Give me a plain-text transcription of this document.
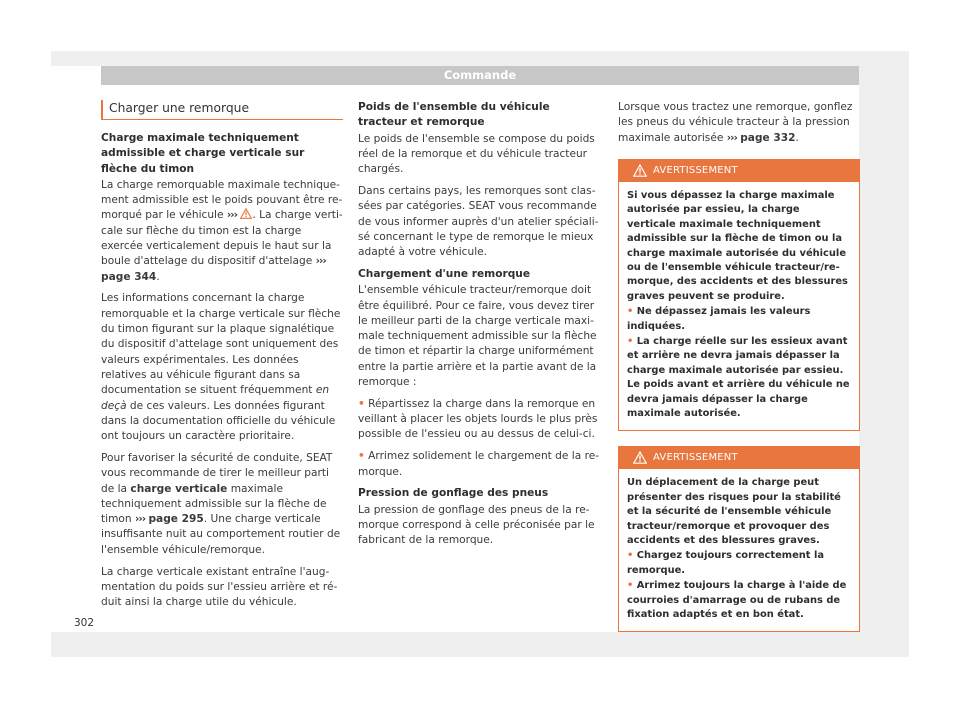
Commande
Charger une remorque

Charge maximale techniquement admissible et charge verticale sur flèche du timon

La charge remorquable maximale techniquement admissible est le poids pouvant être remorqué par le véhicule ››› . La charge verticale sur flèche du timon est la charge exercée verticalement depuis le haut sur la boule d'attelage du dispositif d'attelage ››› page 344.

Les informations concernant la charge remorquable et la charge verticale sur flèche du timon figurant sur la plaque signalétique du dispositif d'attelage sont uniquement des valeurs expérimentales. Les données relatives au véhicule figurant dans sa documentation se situent fréquemment en deçà de ces valeurs. Les données figurant dans la documentation officielle du véhicule ont toujours un caractère prioritaire.

Pour favoriser la sécurité de conduite, SEAT vous recommande de tirer le meilleur parti de la charge verticale maximale techniquement admissible sur la flèche de timon ››› page 295. Une charge verticale insuffisante nuit au comportement routier de l'ensemble véhicule/remorque.

La charge verticale existant entraîne l'augmentation du poids sur l'essieu arrière et réduit ainsi la charge utile du véhicule.

Poids de l'ensemble du véhicule tracteur et remorque

Le poids de l'ensemble se compose du poids réel de la remorque et du véhicule tracteur chargés.

Dans certains pays, les remorques sont classées par catégories. SEAT vous recommande de vous informer auprès d'un atelier spécialisé concernant le type de remorque le mieux adapté à votre véhicule.

Chargement d'une remorque

L'ensemble véhicule tracteur/remorque doit être équilibré. Pour ce faire, vous devez tirer le meilleur parti de la charge verticale maximale techniquement admissible sur la flèche de timon et répartir la charge uniformément entre la partie arrière et la partie avant de la remorque :

• Répartissez la charge dans la remorque en veillant à placer les objets lourds le plus près possible de l'essieu ou au dessus de celui-ci.

• Arrimez solidement le chargement de la remorque.

Pression de gonflage des pneus

La pression de gonflage des pneus de la remorque correspond à celle préconisée par le fabricant de la remorque.

Lorsque vous tractez une remorque, gonflez les pneus du véhicule tracteur à la pression maximale autorisée ››› page 332.

AVERTISSEMENT

Si vous dépassez la charge maximale autorisée par essieu, la charge verticale maximale techniquement admissible sur la flèche de timon ou la charge maximale autorisée du véhicule ou de l'ensemble véhicule tracteur/remorque, des accidents et des blessures graves peuvent se produire.

• Ne dépassez jamais les valeurs indiquées.

• La charge réelle sur les essieux avant et arrière ne devra jamais dépasser la charge maximale autorisée par essieu. Le poids avant et arrière du véhicule ne devra jamais dépasser la charge maximale autorisée.

AVERTISSEMENT

Un déplacement de la charge peut présenter des risques pour la stabilité et la sécurité de l'ensemble véhicule tracteur/remorque et provoquer des accidents et des blessures graves.

• Chargez toujours correctement la remorque.

• Arrimez toujours la charge à l'aide de courroies d'amarrage ou de rubans de fixation adaptés et en bon état.

302
